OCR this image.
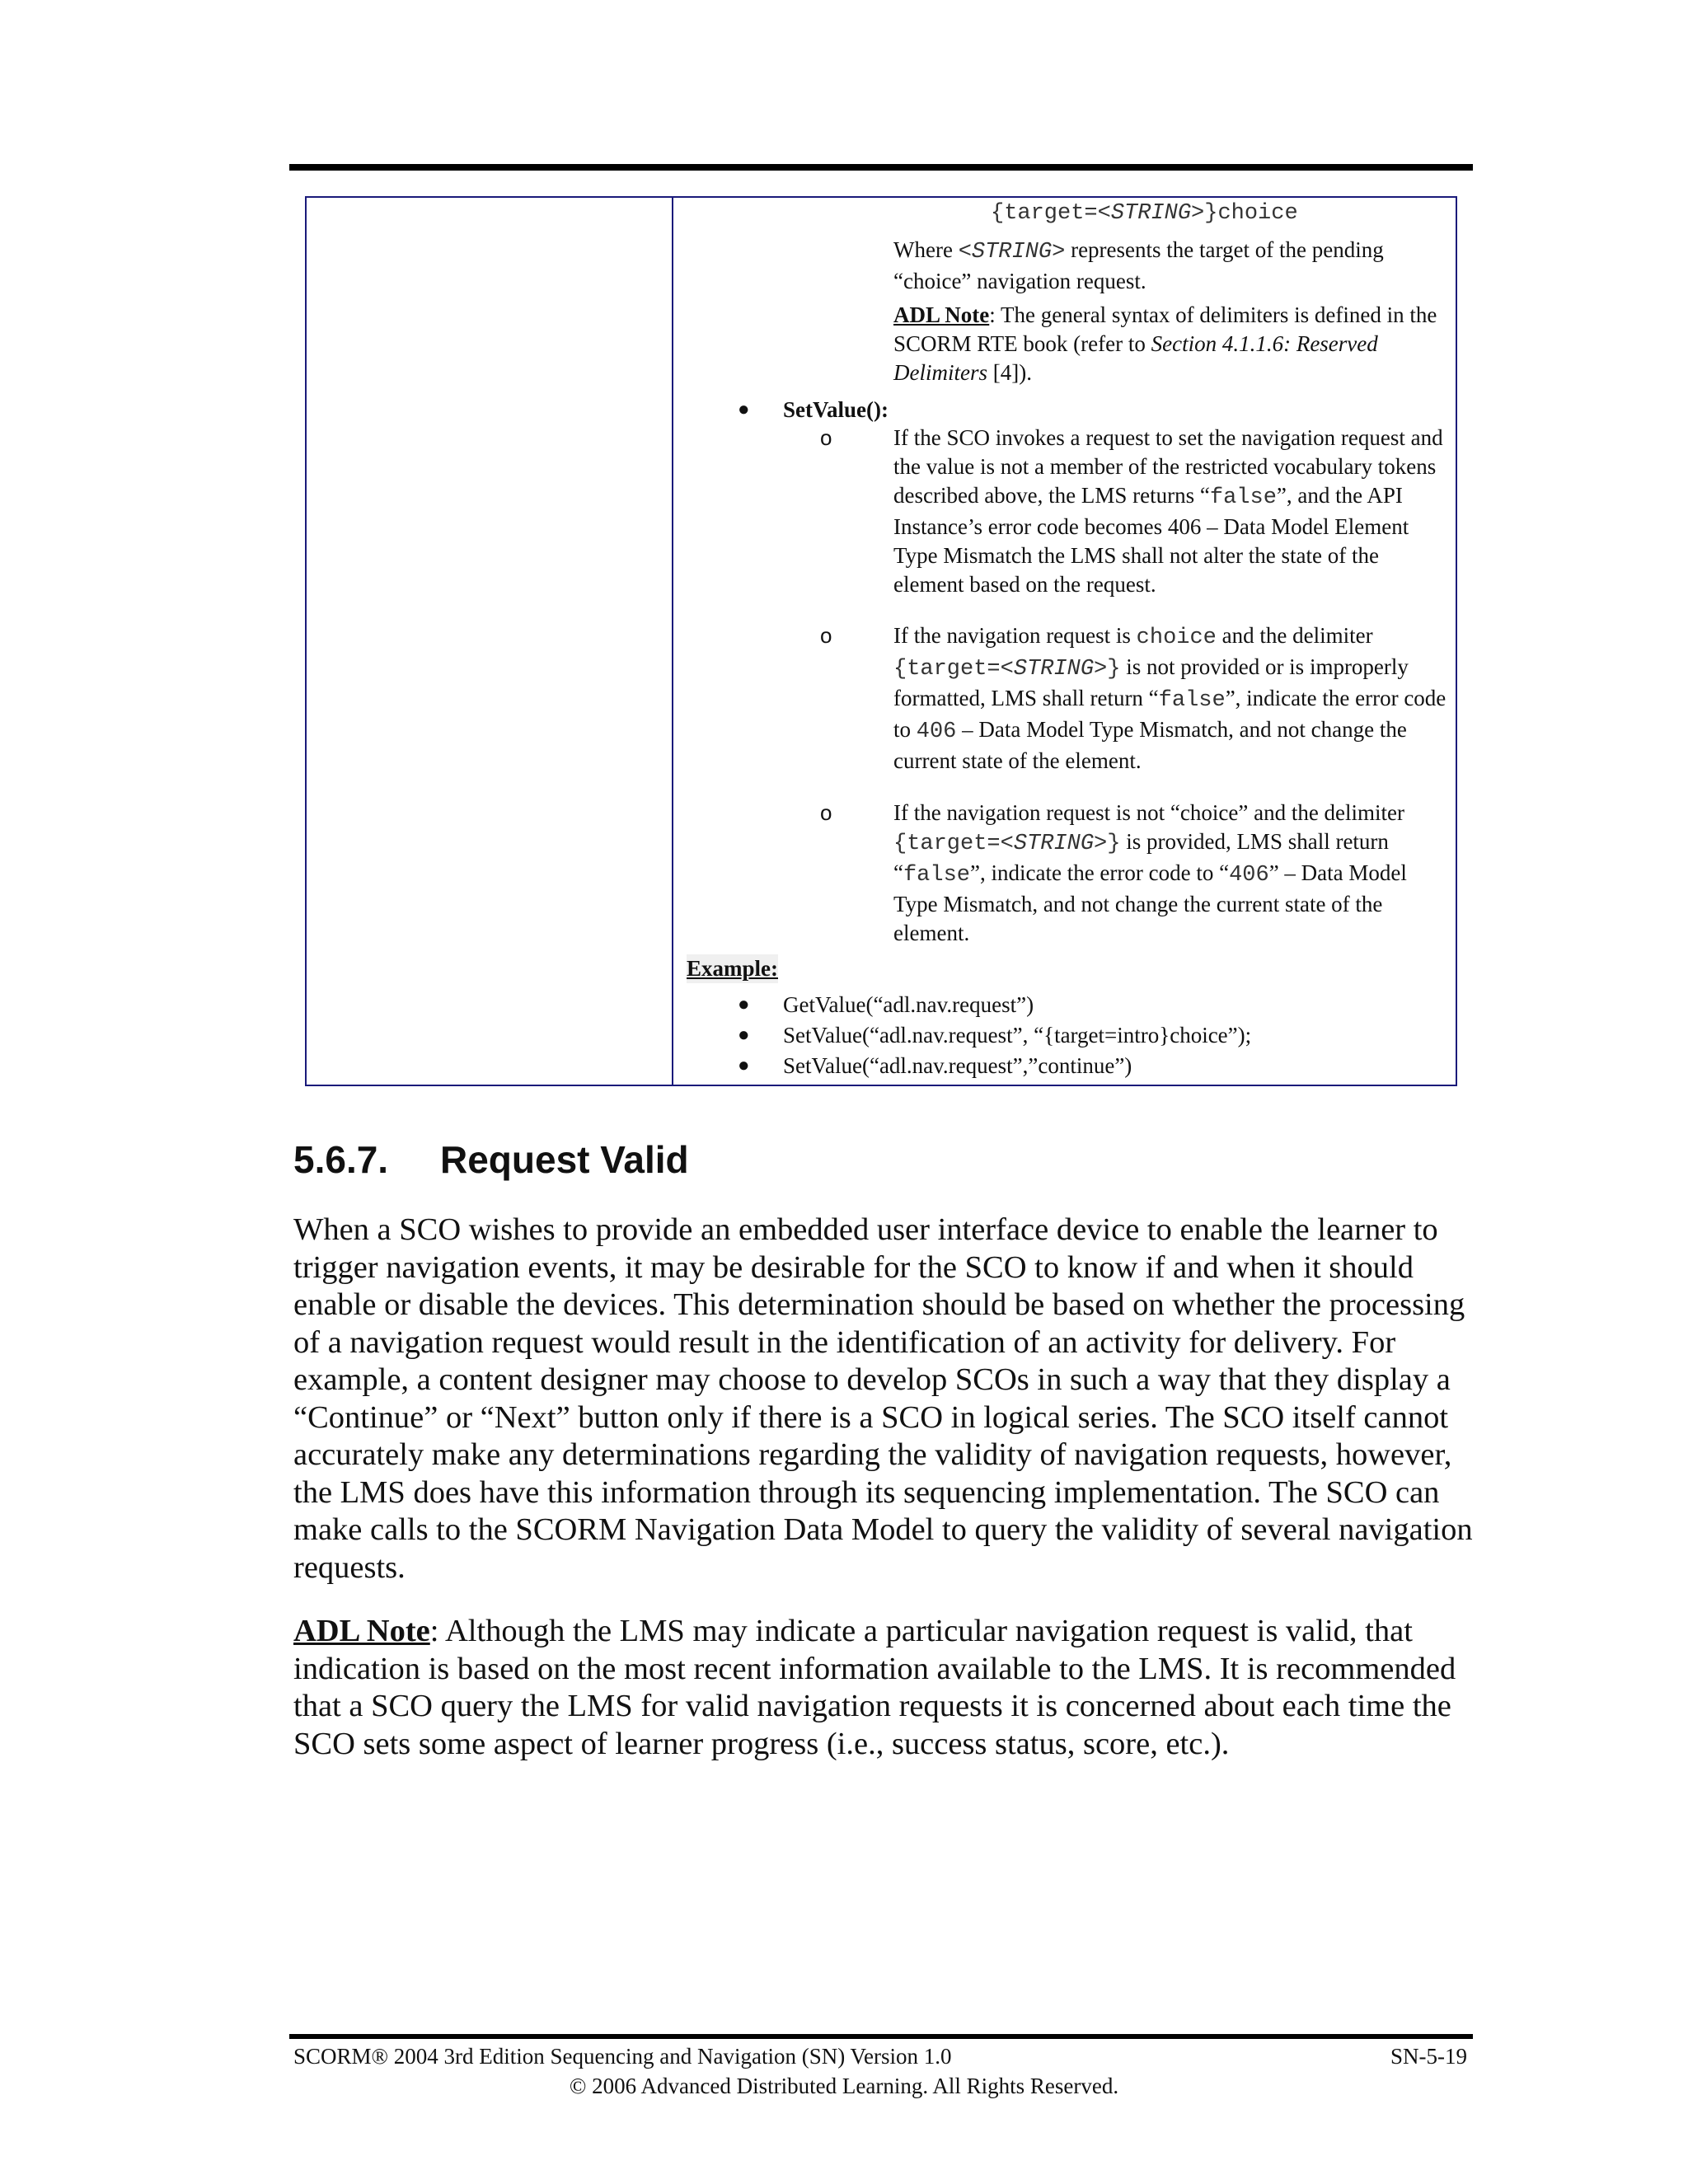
{target=<STRING>}choice

Where <STRING> represents the target of the pending “choice” navigation request.

ADL Note: The general syntax of delimiters is defined in the SCORM RTE book (refer to Section 4.1.1.6: Reserved Delimiters [4]).

● SetValue():
o	If the SCO invokes a request to set the navigation request and the value is not a member of the restricted vocabulary tokens described above, the LMS returns “false”, and the API Instance’s error code becomes 406 – Data Model Element Type Mismatch the LMS shall not alter the state of the element based on the request.

o	If the navigation request is choice and the delimiter {target=<STRING>} is not provided or is improperly formatted, LMS shall return “false”, indicate the error code to 406 – Data Model Type Mismatch, and not change the current state of the element.

o	If the navigation request is not “choice” and the delimiter {target=<STRING>} is provided, LMS shall return “false”, indicate the error code to “406” – Data Model Type Mismatch, and not change the current state of the element.

Example:
● GetValue(“adl.nav.request”)
● SetValue(“adl.nav.request”, “{target=intro}choice”);
● SetValue(“adl.nav.request”,”continue”)
5.6.7. Request Valid

When a SCO wishes to provide an embedded user interface device to enable the learner to trigger navigation events, it may be desirable for the SCO to know if and when it should enable or disable the devices. This determination should be based on whether the processing of a navigation request would result in the identification of an activity for delivery. For example, a content designer may choose to develop SCOs in such a way that they display a “Continue” or “Next” button only if there is a SCO in logical series. The SCO itself cannot accurately make any determinations regarding the validity of navigation requests, however, the LMS does have this information through its sequencing implementation. The SCO can make calls to the SCORM Navigation Data Model to query the validity of several navigation requests.

ADL Note: Although the LMS may indicate a particular navigation request is valid, that indication is based on the most recent information available to the LMS. It is recommended that a SCO query the LMS for valid navigation requests it is concerned about each time the SCO sets some aspect of learner progress (i.e., success status, score, etc.).

SCORM® 2004 3rd Edition Sequencing and Navigation (SN) Version 1.0	SN-5-19
© 2006 Advanced Distributed Learning. All Rights Reserved.
